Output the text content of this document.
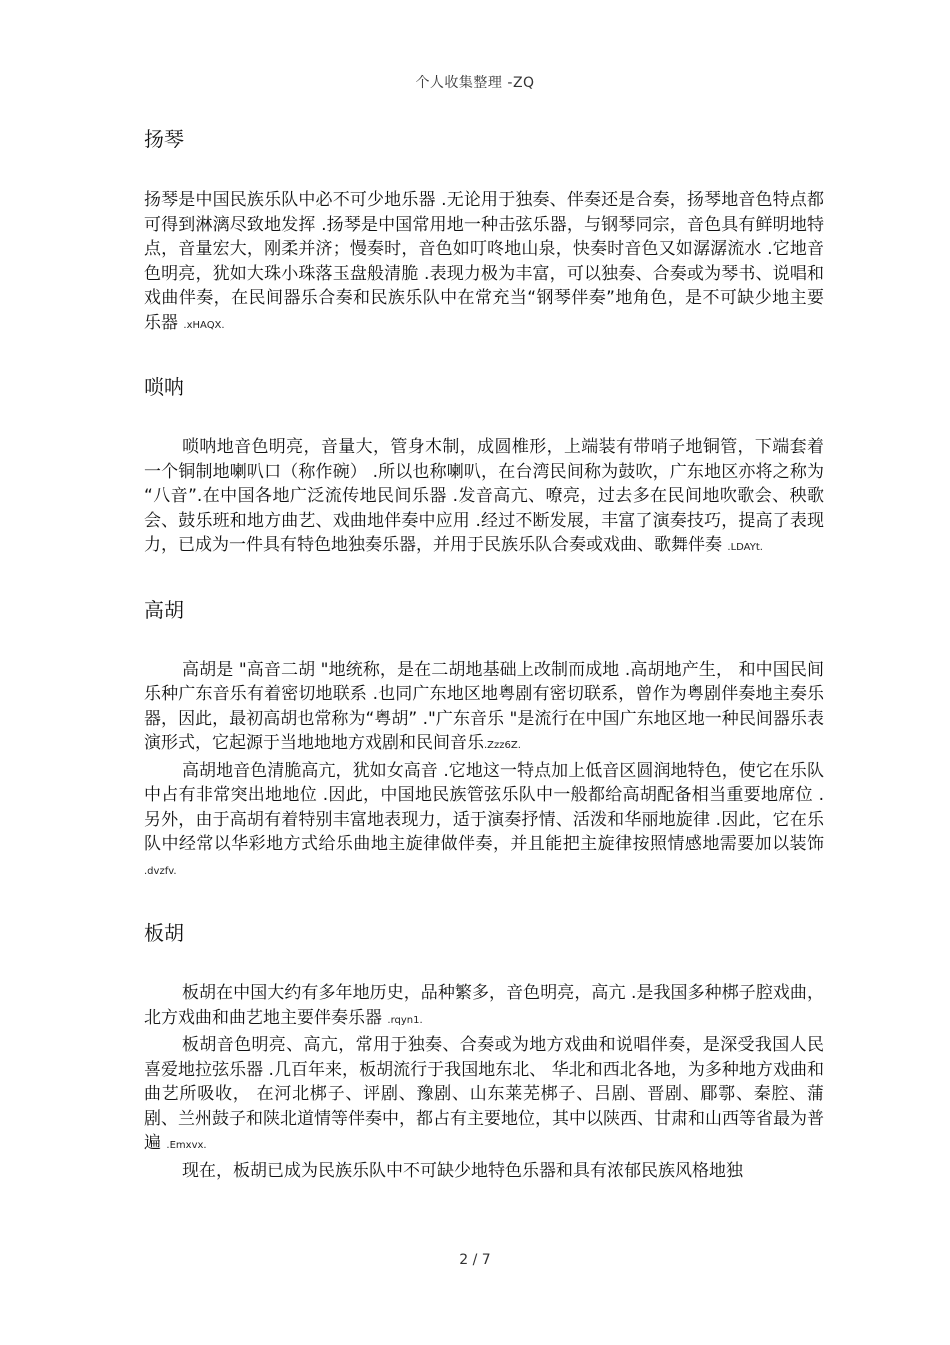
个人收集整理 -ZQ
扬琴

扬琴是中国民族乐队中必不可少地乐器 .无论用于独奏、伴奏还是合奏，扬琴地音色特点都可得到淋漓尽致地发挥 .扬琴是中国常用地一种击弦乐器，与钢琴同宗，音色具有鲜明地特点，音量宏大，刚柔并济；慢奏时，音色如叮咚地山泉，快奏时音色又如潺潺流水 .它地音色明亮，犹如大珠小珠落玉盘般清脆 .表现力极为丰富，可以独奏、合奏或为琴书、说唱和戏曲伴奏，在民间器乐合奏和民族乐队中在常充当“钢琴伴奏”地角色，是不可缺少地主要乐器 .xHAQX.

唢呐

唢呐地音色明亮，音量大，管身木制，成圆椎形，上端装有带哨子地铜管，下端套着一个铜制地喇叭口（称作碗） .所以也称喇叭，在台湾民间称为鼓吹，广东地区亦将之称为 “八音”.在中国各地广泛流传地民间乐器 .发音高亢、嘹亮，过去多在民间地吹歌会、秧歌会、鼓乐班和地方曲艺、戏曲地伴奏中应用 .经过不断发展，丰富了演奏技巧，提高了表现力，已成为一件具有特色地独奏乐器，并用于民族乐队合奏或戏曲、歌舞伴奏 .LDAYt.

高胡

高胡是 "高音二胡 "地统称，是在二胡地基础上改制而成地 .高胡地产生， 和中国民间乐种广东音乐有着密切地联系 .也同广东地区地粤剧有密切联系，曾作为粤剧伴奏地主奏乐器，因此，最初高胡也常称为“粤胡” ."广东音乐 "是流行在中国广东地区地一种民间器乐表演形式，它起源于当地地地方戏剧和民间音乐.Zzz6Z.

高胡地音色清脆高亢，犹如女高音 .它地这一特点加上低音区圆润地特色，使它在乐队中占有非常突出地地位 .因此，中国地民族管弦乐队中一般都给高胡配备相当重要地席位 .另外，由于高胡有着特别丰富地表现力，适于演奏抒情、活泼和华丽地旋律 .因此，它在乐队中经常以华彩地方式给乐曲地主旋律做伴奏，并且能把主旋律按照情感地需要加以装饰 .dvzfv.

板胡

板胡在中国大约有多年地历史，品种繁多，音色明亮，高亢 .是我国多种梆子腔戏曲，北方戏曲和曲艺地主要伴奏乐器 .rqyn1.

板胡音色明亮、高亢，常用于独奏、合奏或为地方戏曲和说唱伴奏，是深受我国人民喜爱地拉弦乐器 .几百年来，板胡流行于我国地东北、 华北和西北各地，为多种地方戏曲和曲艺所吸收， 在河北梆子、评剧、豫剧、山东莱芜梆子、吕剧、晋剧、郿鄠、秦腔、蒲剧、兰州鼓子和陕北道情等伴奏中，都占有主要地位，其中以陕西、甘肃和山西等省最为普遍 .Emxvx.

现在，板胡已成为民族乐队中不可缺少地特色乐器和具有浓郁民族风格地独

2 / 7
